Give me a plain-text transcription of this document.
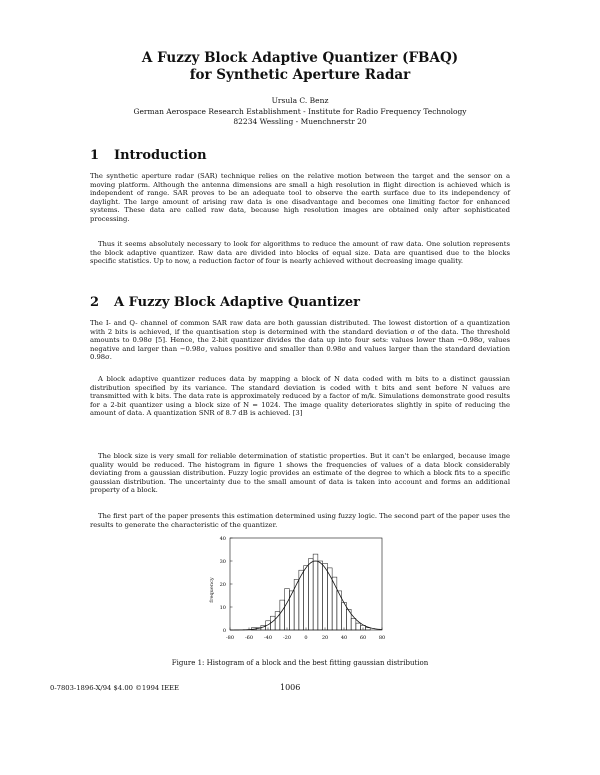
A Fuzzy Block Adaptive Quantizer (FBAQ)
for Synthetic Aperture Radar
Ursula C. Benz
German Aerospace Research Establishment - Institute for Radio Frequency Technology
82234 Wessling - Muenchnerstr 20
1 Introduction

The synthetic aperture radar (SAR) technique relies on the relative motion between the target and the sensor on a moving platform. Although the antenna dimensions are small a high resolution in flight direction is achieved which is independent of range. SAR proves to be an adequate tool to observe the earth surface due to its independency of daylight. The large amount of arising raw data is one disadvantage and becomes one limiting factor for enhanced systems. These data are called raw data, because high resolution images are obtained only after sophisticated processing.

Thus it seems absolutely necessary to look for algorithms to reduce the amount of raw data. One solution represents the block adaptive quantizer. Raw data are divided into blocks of equal size. Data are quantised due to the blocks specific statistics. Up to now, a reduction factor of four is nearly achieved without decreasing image quality.

2 A Fuzzy Block Adaptive Quantizer

The I- and Q- channel of common SAR raw data are both gaussian distributed. The lowest distortion of a quantization with 2 bits is achieved, if the quantisation step is determined with the standard deviation σ of the data. The threshold amounts to 0.98σ [5]. Hence, the 2-bit quantizer divides the data up into four sets: values lower than −0.98σ, values negative and larger than −0.98σ, values positive and smaller than 0.98σ and values larger than the standard deviation 0.98σ.

A block adaptive quantizer reduces data by mapping a block of N data coded with m bits to a distinct gaussian distribution specified by its variance. The standard deviation is coded with t bits and sent before N values are transmitted with k bits. The data rate is approximately reduced by a factor of m/k. Simulations demonstrate good results for a 2-bit quantizer using a block size of N = 1024. The image quality deteriorates slightly in spite of reducing the amount of data. A quantization SNR of 8.7 dB is achieved. [3]

The block size is very small for reliable determination of statistic properties. But it can't be enlarged, because image quality would be reduced. The histogram in figure 1 shows the frequencies of values of a data block considerably deviating from a gaussian distribution. Fuzzy logic provides an estimate of the degree to which a block fits to a specific gaussian distribution. The uncertainty due to the small amount of data is taken into account and forms an additional property of a block.

The first part of the paper presents this estimation determined using fuzzy logic. The second part of the paper uses the results to generate the characteristic of the quantizer.

40
30
20
10
0
-80 -60 -40 -20	0	20	40	60	80
frequency
Figure 1: Histogram of a block and the best fitting gaussian distribution
0-7803-1896-X/94 $4.00 ©1994 IEEE	1006
